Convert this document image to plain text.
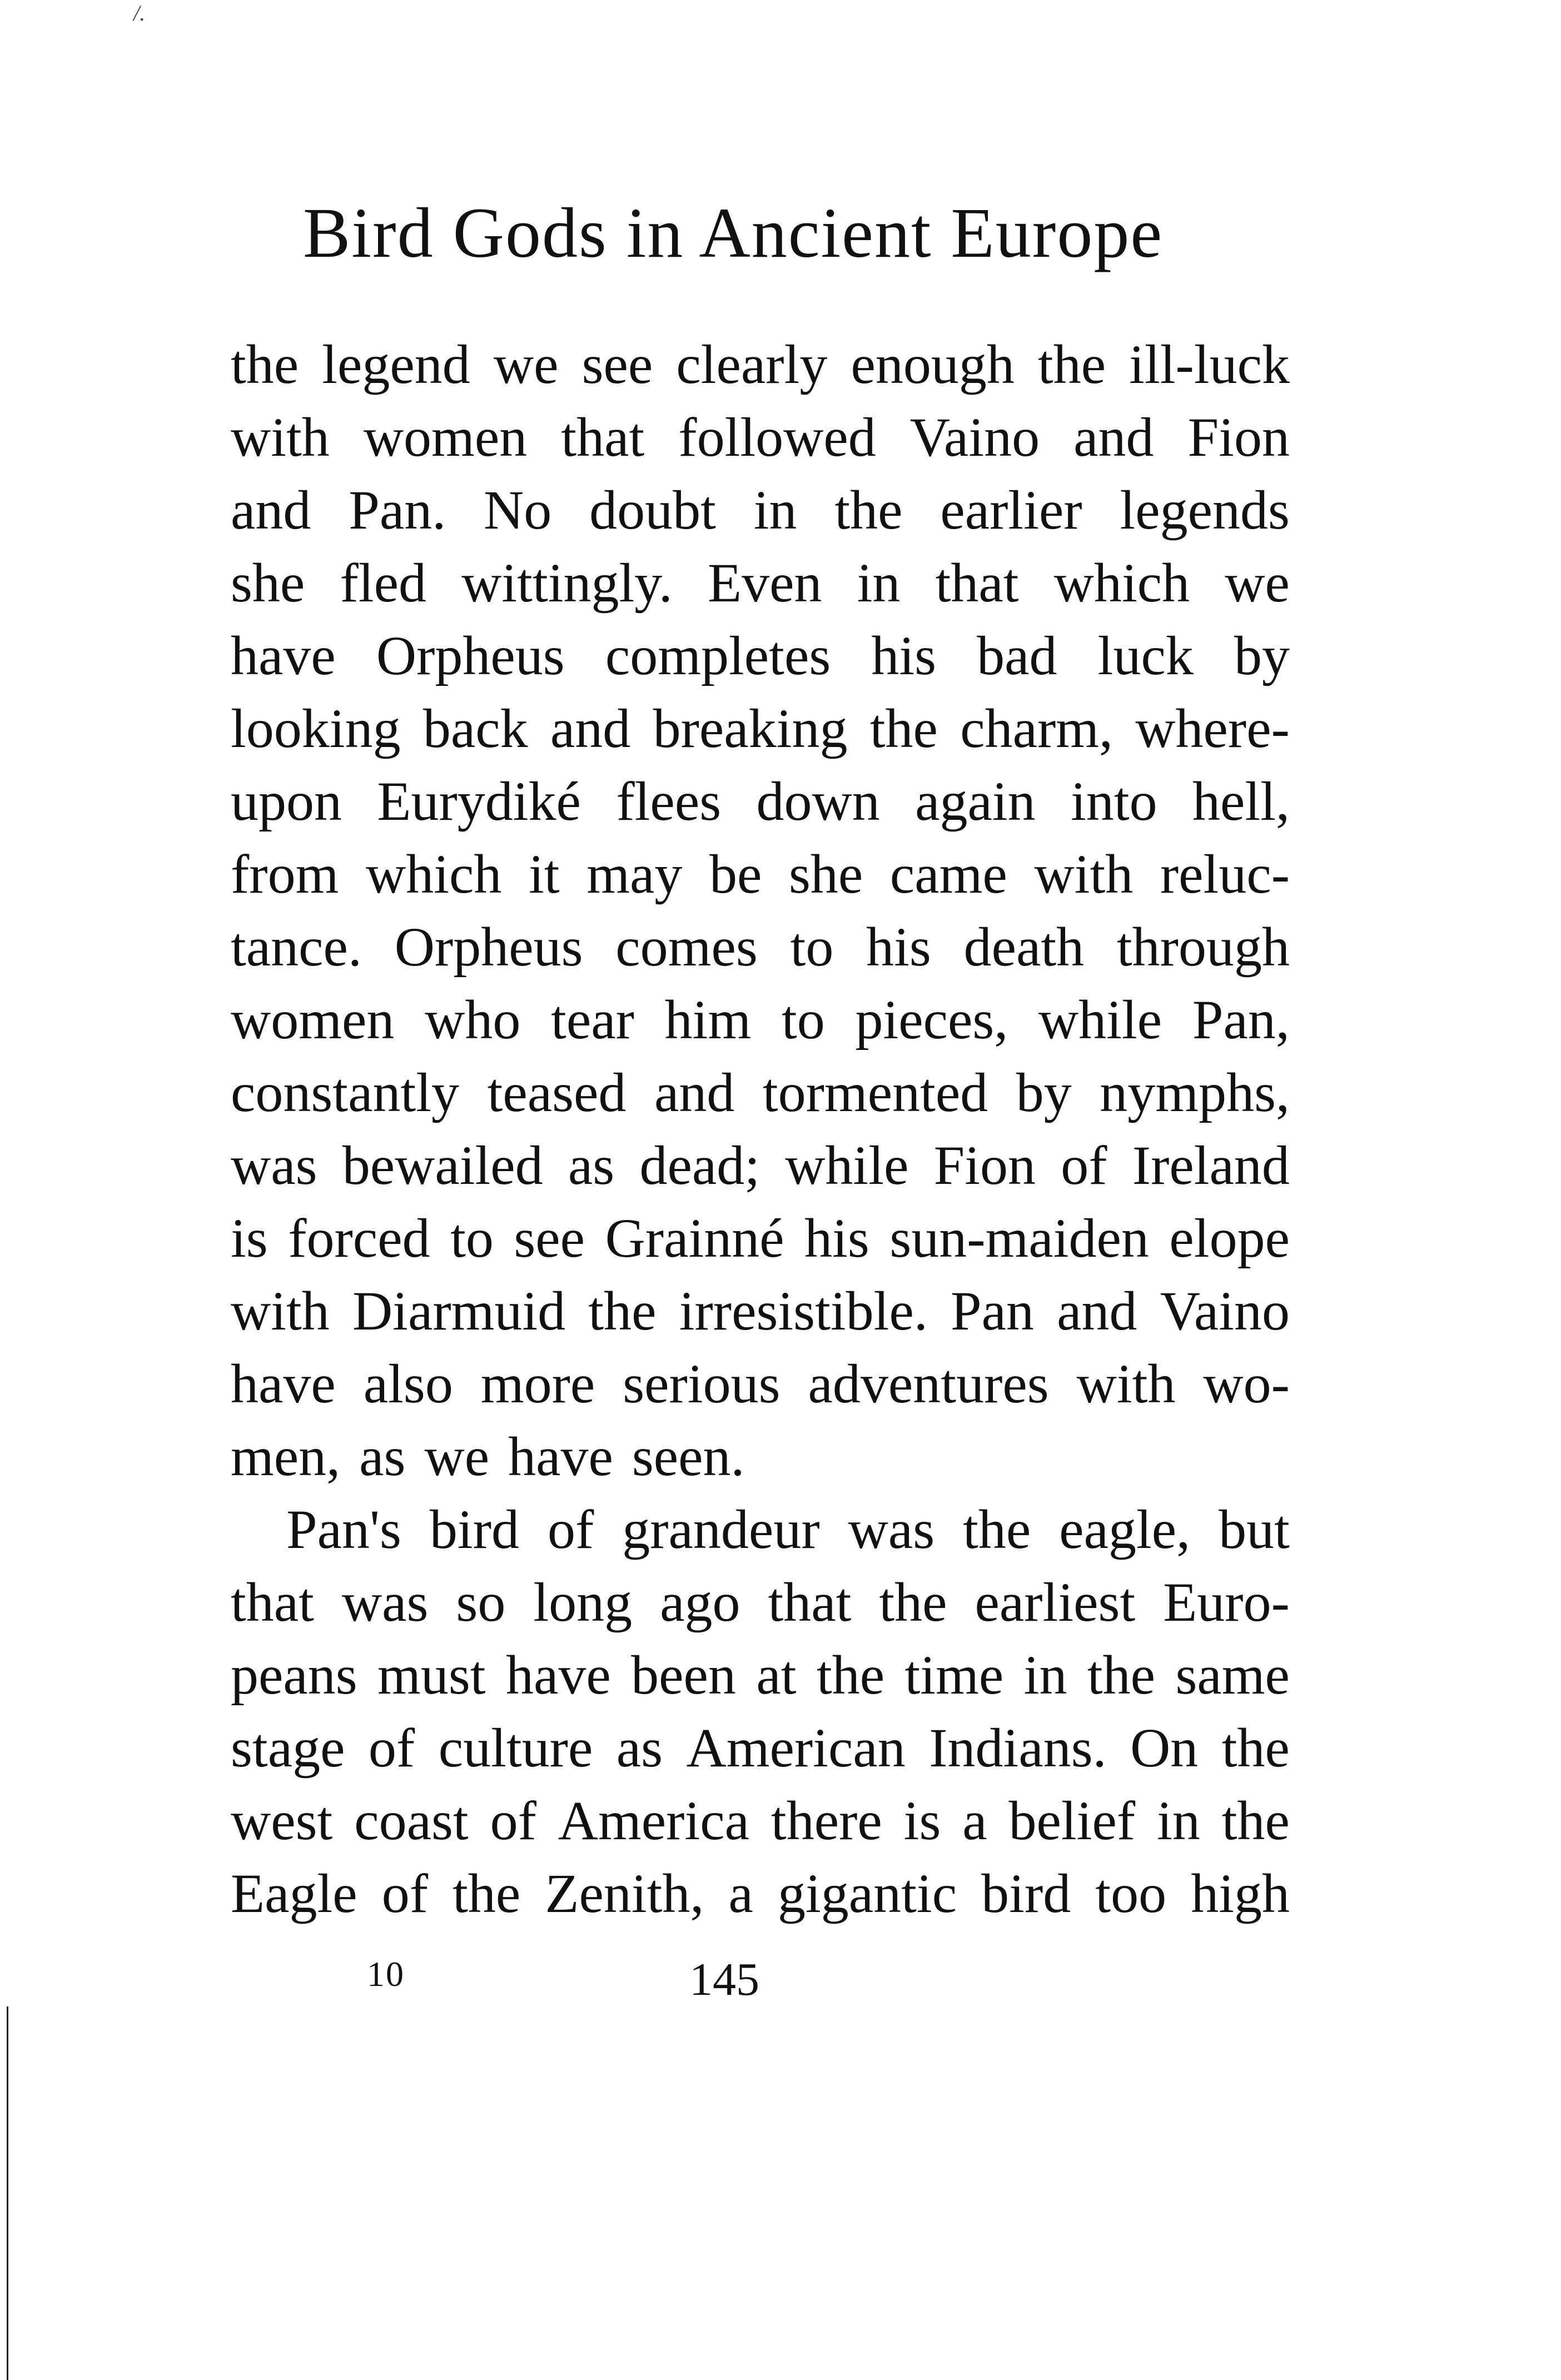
/.
Bird Gods in Ancient Europe
the legend we see clearly enough the ill-luck
with women that followed Vaino and Fion
and Pan. No doubt in the earlier legends
she fled wittingly. Even in that which we
have Orpheus completes his bad luck by
looking back and breaking the charm, where-
upon Eurydiké flees down again into hell,
from which it may be she came with reluc-
tance. Orpheus comes to his death through
women who tear him to pieces, while Pan,
constantly teased and tormented by nymphs,
was bewailed as dead; while Fion of Ireland
is forced to see Grainné his sun-maiden elope
with Diarmuid the irresistible. Pan and Vaino
have also more serious adventures with wo-
men, as we have seen.
Pan's bird of grandeur was the eagle, but
that was so long ago that the earliest Euro-
peans must have been at the time in the same
stage of culture as American Indians. On the
west coast of America there is a belief in the
Eagle of the Zenith, a gigantic bird too high
10	145
